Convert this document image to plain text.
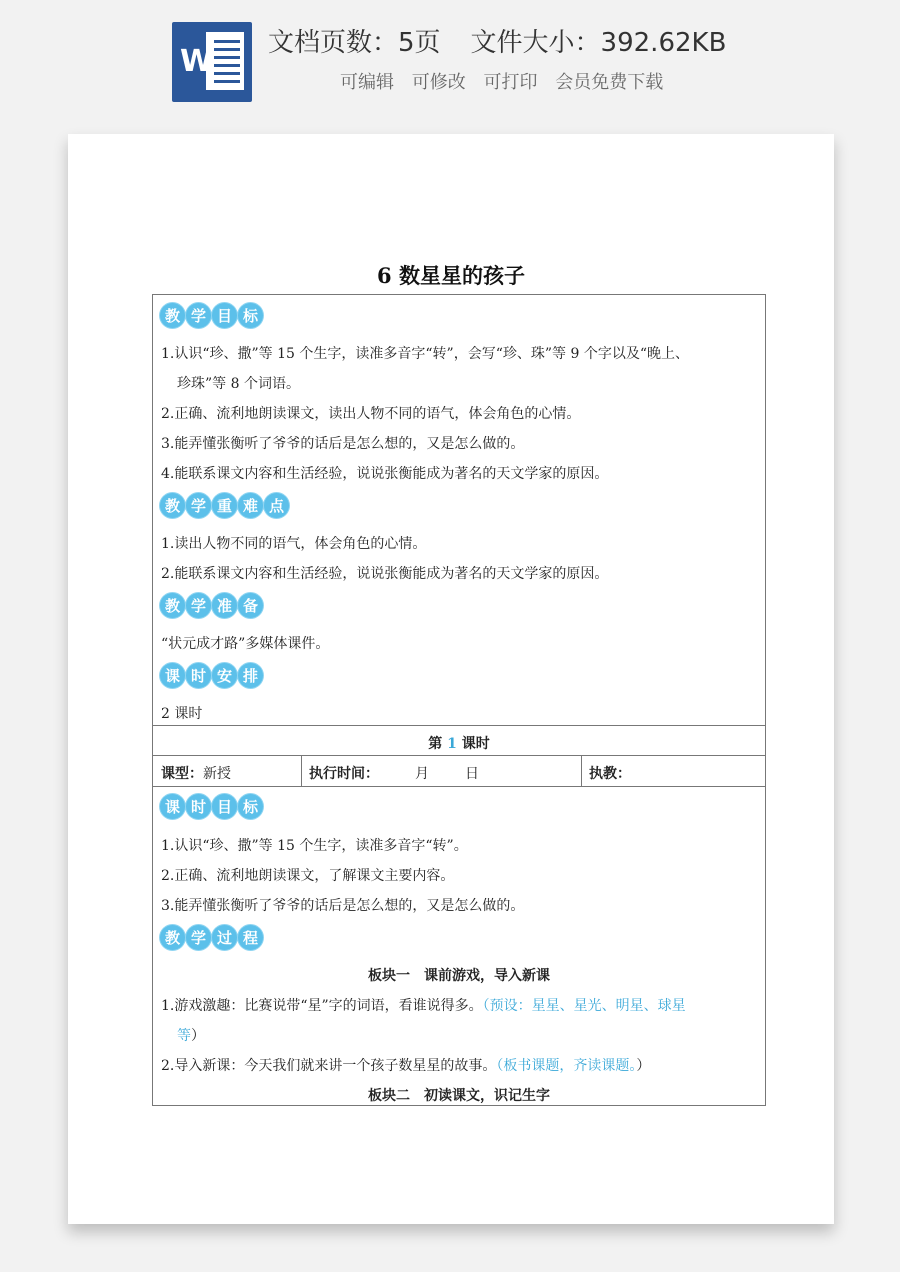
W
文档页数：5页 文件大小：392.62KB
可编辑 可修改 可打印 会员免费下载
6 数星星的孩子
教 学 目 标
1.认识“珍、撒”等 15 个生字，读准多音字“转”，会写“珍、珠”等 9 个字以及“晚上、
珍珠”等 8 个词语。
2.正确、流利地朗读课文，读出人物不同的语气，体会角色的心情。
3.能弄懂张衡听了爷爷的话后是怎么想的，又是怎么做的。
4.能联系课文内容和生活经验，说说张衡能成为著名的天文学家的原因。
教 学 重 难 点
1.读出人物不同的语气，体会角色的心情。
2.能联系课文内容和生活经验，说说张衡能成为著名的天文学家的原因。
教 学 准 备
“状元成才路”多媒体课件。
课 时 安 排
2 课时
第 1 课时
课型：新授	执行时间：	月	日	执教：
课 时 目 标
1.认识“珍、撒”等 15 个生字，读准多音字“转”。
2.正确、流利地朗读课文，了解课文主要内容。
3.能弄懂张衡听了爷爷的话后是怎么想的，又是怎么做的。
教 学 过 程
板块一　课前游戏，导入新课
1.游戏激趣：比赛说带“星”字的词语，看谁说得多。（预设：星星、星光、明星、球星
等）
2.导入新课：今天我们就来讲一个孩子数星星的故事。（板书课题，齐读课题。）
板块二　初读课文，识记生字
